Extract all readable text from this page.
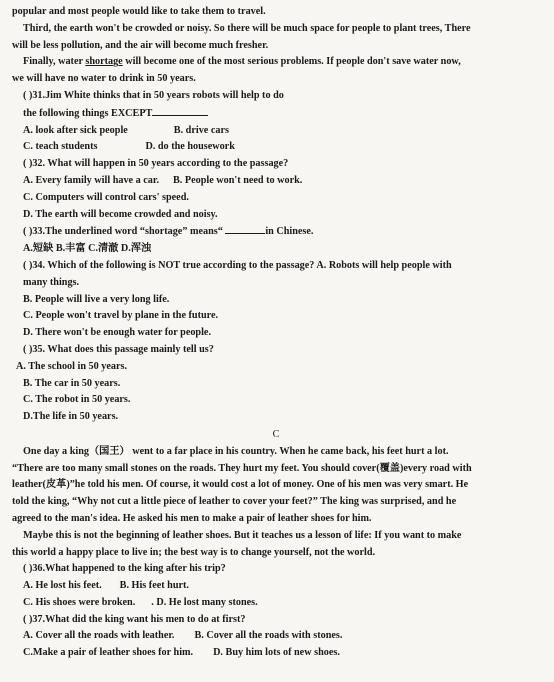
popular and most people would like to take them to travel.
Third, the earth won't be crowded or noisy. So there will be much space for people to plant trees, There
will be less pollution, and the air will become much fresher.
Finally, water shortage will become one of the most serious problems. If people don't save water now,
we will have no water to drink in 50 years.
( )31.Jim White thinks that in 50 years robots will help to do
the following things EXCEPT
A. look after sick people	B. drive cars
C. teach students	D. do the housework
( )32. What will happen in 50 years according to the passage?
A. Every family will have a car. B. People won't need to work.
C. Computers will control cars' speed.
D. The earth will become crowded and noisy.
( )33.The underlined word “shortage” means“	in Chinese.
A.短缺 B.丰富 C.清澈 D.浑浊
( )34. Which of the following is NOT true according to the passage? A. Robots will help people with
many things.
B. People will live a very long life.
C. People won't travel by plane in the future.
D. There won't be enough water for people.
( )35. What does this passage mainly tell us?
A. The school in 50 years.
B. The car in 50 years.
C. The robot in 50 years.
D.The life in 50 years.
C
One day a king（国王） went to a far place in his country. When he came back, his feet hurt a lot.
“There are too many small stones on the roads. They hurt my feet. You should cover(覆盖)every road with
leather(皮革)”he told his men. Of course, it would cost a lot of money. One of his men was very smart. He
told the king, “Why not cut a little piece of leather to cover your feet?” The king was surprised, and he
agreed to the man's idea. He asked his men to make a pair of leather shoes for him.
Maybe this is not the beginning of leather shoes. But it teaches us a lesson of life: If you want to make
this world a happy place to live in; the best way is to change yourself, not the world.
( )36.What happened to the king after his trip?
A. He lost his feet. B. His feet hurt.
C. His shoes were broken. . D. He lost many stones.
( )37.What did the king want his men to do at first?
A. Cover all the roads with leather. B. Cover all the roads with stones.
C.Make a pair of leather shoes for him. D. Buy him lots of new shoes.
